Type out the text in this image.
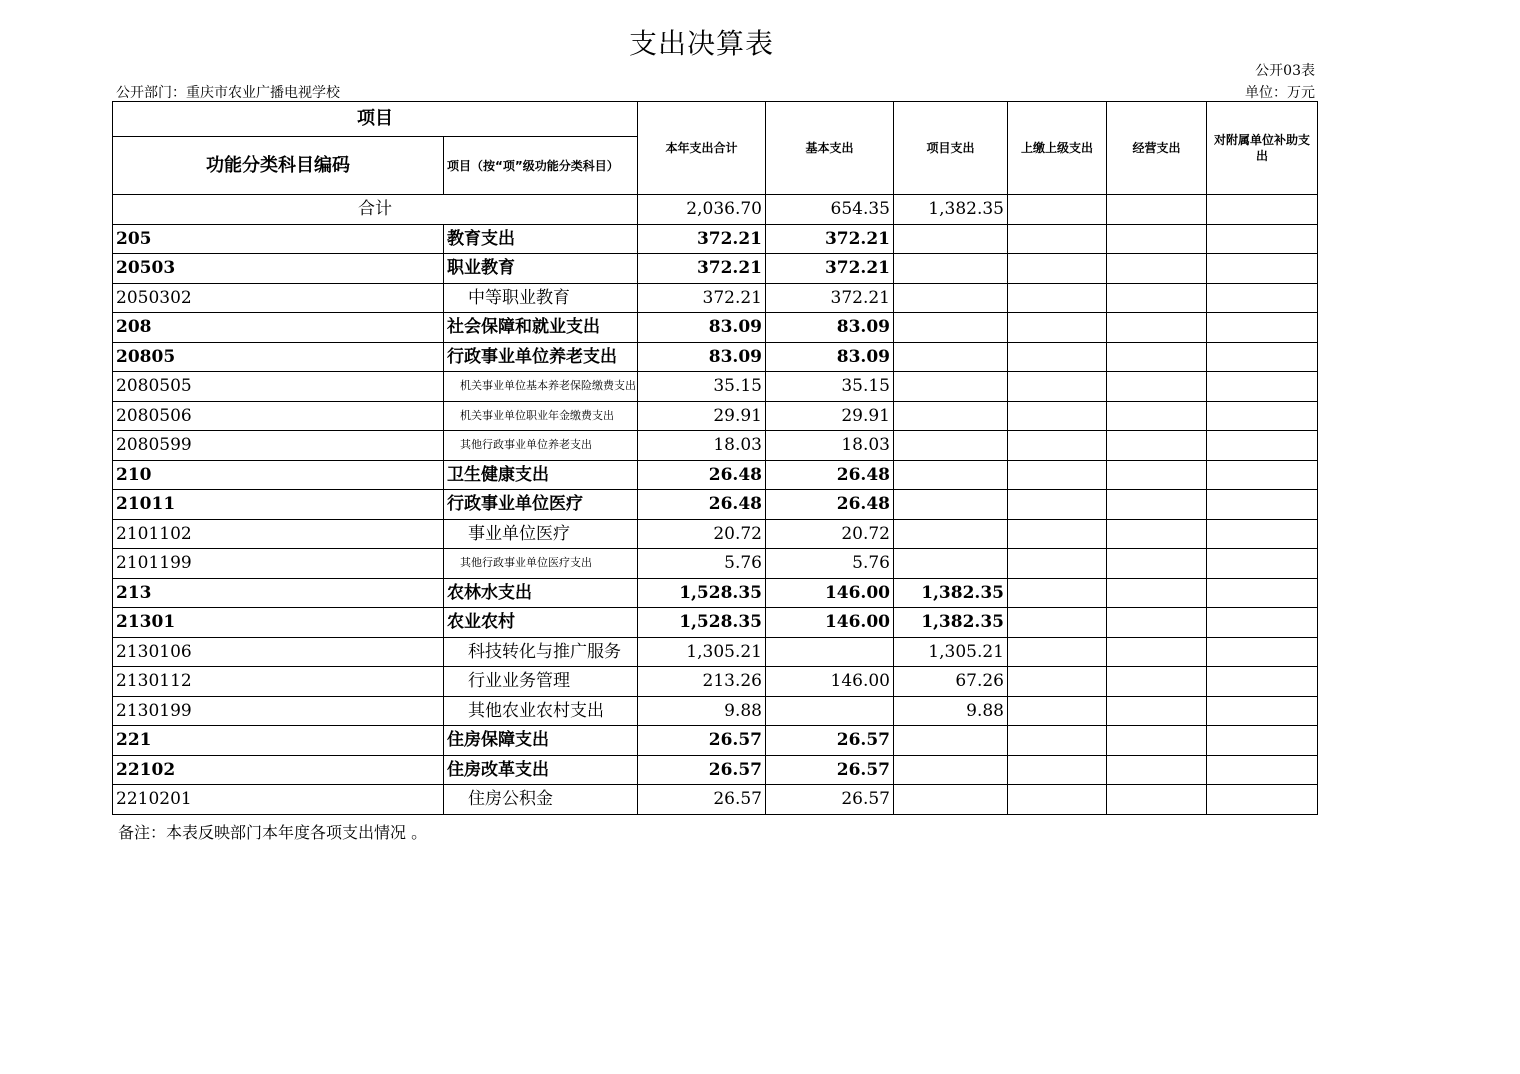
支出决算表
公开03表
公开部门：重庆市农业广播电视学校	单位：万元
项目		本年支出合计	基本支出	项目支出	上缴上级支出	经营支出	对附属单位补助支出
功能分类科目编码	项目（按“项”级功能分类科目）						
合计		2,036.70	654.35	1,382.35			
205	教育支出	372.21	372.21				
20503	职业教育	372.21	372.21				
2050302	中等职业教育	372.21	372.21				
208	社会保障和就业支出	83.09	83.09				
20805	行政事业单位养老支出	83.09	83.09				
2080505	机关事业单位基本养老保险缴费支出	35.15	35.15				
2080506	机关事业单位职业年金缴费支出	29.91	29.91				
2080599	其他行政事业单位养老支出	18.03	18.03				
210	卫生健康支出	26.48	26.48				
21011	行政事业单位医疗	26.48	26.48				
2101102	事业单位医疗	20.72	20.72				
2101199	其他行政事业单位医疗支出	5.76	5.76				
213	农林水支出	1,528.35	146.00	1,382.35			
21301	农业农村	1,528.35	146.00	1,382.35			
2130106	科技转化与推广服务	1,305.21		1,305.21			
2130112	行业业务管理	213.26	146.00	67.26			
2130199	其他农业农村支出	9.88		9.88			
221	住房保障支出	26.57	26.57				
22102	住房改革支出	26.57	26.57				
2210201	住房公积金	26.57	26.57				
备注：本表反映部门本年度各项支出情况 。
